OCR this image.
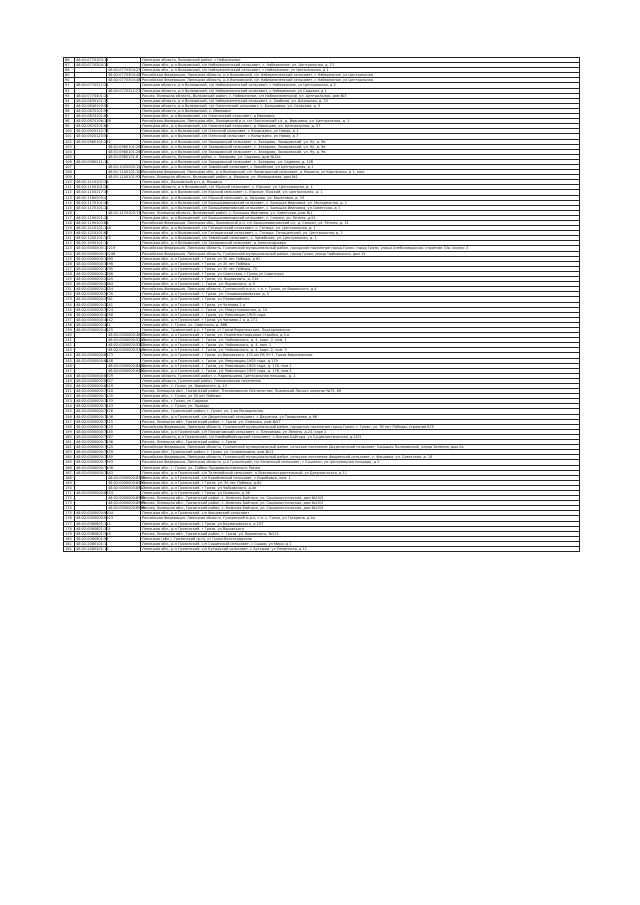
86	48:02:0770103:14		Липецкая область, Волковский район, с Набережное
87	48:02:0770304:15		Липецкая обл., р-н Волковский, с/п Набережненский сельсовет, с. Набережное, ул. Центральная, д. 21
88		48:02:0770304:23	Липецкая обл., р-н Волковский, с/п Набережненский сельсовет, с Набережное, ул Центральная, д 1
89		48:02:0770304:48	Российская Федерация, Липецкая область, р-н Волковский, с/п Набережненский сельсовет, с Набережное, ул Центральная
90		48:02:0770304:48	Российская Федерация, Липецкая область, р-н Волковский, с/п Набережненский сельсовет, с Набережное, ул Центральная
91	48:02:0770312:24		Липецкая область, р-н Волковский, с/п Набережненский сельсовет, с Набережное, ул Центральная, д 2
92		48:02:0770312:27	Липецкая область, р-н Волковский, с/п Набережненский сельсовет, с Набережное, ул Садовая, д 1
93	48:02:0770401:21		Россия, Липецкая область, Волковский район, с. Набережное, с/п Набережненский, ул. Центральная, дом №3
94	48:02:0830101:37		Липецкая область, р-н Волковский, с/п Набережненский сельсовет, с. Злобино, ул. Школьная, д. 25
95	48:02:0840103:51		Липецкая область, р-н Волковский, с/п Ожогинский сельсовет, с. Большовка, ул. Сельская, д. 5
96	48:02:0870101:53		Липецкая область, р-н Волковский, с. Ивановка
97	48:02:0870101:66		Липецкая обл., р-н Волковский, с/п Ожогинский сельсовет, д Ивановка
98	48:02:0870106:126		Российская Федерация, Липецкая обл., Волковский р-н, с/п Ожогинский с/с, д. Ивановка, ул. Центральная, д. 1
99	48:02:0870201:65		Липецкая обл., р-н Волковский, с/п Ожогинский сельсовет, д. Иванцово, ул. Центральная, д. 37
100	48:02:0920112:78		Липецкая обл., р-н Волковский, с/п Олесский сельсовет, с Козынкино, ул Новая, д 1
101	48:02:0920123:51		Липецкая обл., р-н Волковский, с/п Олесский сельсовет, с Козынкино, ул Новая, д 7
102	48:02:0980101:231		Липецкая обл., р-н Волковский, с/п Захаровский сельсовет, с. Захарово, Захаровский, ул. 9у, д. 9в
103		48:01:0980101:265	Липецкая обл., р-н Волковский, с/п Захаровский сельсовет, с. Захарово, Захаровский, ул. 9у, д. 9в
104		48:01:0980101:267	Липецкая обл., р-н Волковский, с/п Захаровский сельсовет, с. Захарово, Захаровский, ул. 9у, д. 9в
105		48:01:0980101:8	Липецкая область, Волковский район, с. Захарово, ул. Садовая, дом №12а
106	48:02:0980211:16		Липецкая обл., р-н Волковский, с/п Захаровский сельсовет, с. Захарово, ул. Садовая, д. 12б
107		48:01:1020205:12	Липецкая обл., р-н Волковский, с/п Замайский сельсовет, с Замайское, ул Центральная, д 1
108		48:01:1100101:101	Российская Федерация, Липецкая обл., р-н Волковский, с/п Ломигорский сельсовет, д Мишино, ул Кирпичная, д 1, пом.
109		48:01:1100101:93	Россия, Липецкая область, Волковский район, д. Мишино, ул. Молодежная, дом №1
110	48:02:1110107:22		Липецкая обл., Волковский р-н, д. Мишино
111	48:02:1150101:24		Липецкая область, р-н Волковский, с/п Юрский сельсовет, с. Юрское, ул. Центральная, д. 1
112	48:02:1150117:49		Липецкая обл., р-н Волковский, с/п Юрский сельсовет, с. Юрское, Юрский, ул. Центральная, д. 1
113	48:02:1160203:4		Липецкая обл., р-н Волковский, с/п Юрский сельсовет, д. Хитрово, ул. Береговая, д. 33
114	48:02:1170101:43		Липецкая обл., р-н Волковский, с/п Большеивановский сельсовет, с. Большая Ивановка, ул. Молодежная, д. 1
115	48:02:1170101:21		Липецкая обл., р-н Волковский, с/п Большеивановский сельсовет, с. Большая Ивановка, ул Советская, д 1
116		48:01:1170103:13	Россия, Липецкая область, Волковский район, с. Большая Ивановка, ул. Советская, дом №1
117	48:02:1190101:21		Липецкая обл., р-н Волковский, с/п Большеивановский сельсовет, с. Сапрон, ул. Речная, д.51
118	48:02:1190103:84		Российская Федерация, Липецкая обл., Волковский р-н, с/п Большеивановский с/с, д. Сапрон, ул. Речная, д. 31
119	48:02:1210101:118		Липецкая обл., р-н Волковский, с/п Гатищенский сельсовет, с. Гатище, ул. Центральная, д. 1
120	48:02:1210101:67		Липецкая обл., р-н Волковский, с/п Гатищенский сельсовет, с. Гатище, Гатищенский, ул. Центральная, д. 1
121	48:02:1250101:175		Липецкая обл., р-н Волковский, с/п Замайский сельсовет, с. Замайское, ул. Центральная, д. 1
122	48:02:1930101:15		Липецкая обл., р-н Волковский, с/п Захаровский сельсовет, д Александровка
123	48:02:0000000:10219		Российская Федерация, Липецкая область, Грязинский муниципальный район, городское поселение город Грязи, город Грязи, улица Хлебозаводская, строение 33а, корпус 3
124	48:02:0000000:10246		Российская Федерация, Липецкая область, Грязинский муниципальный район, город Грязи, улица Чайковского, дом 15
125	48:02:0000000:1385		Липецкая обл., р-н Грязинский, г Грязи, ул 30 лет Победы, д 62
126	48:02:0000000:3296		Липецкая обл., р-н Грязинский, г Грязи, ул 30 лет Победы
127	48:02:0000000:1795		Липецкая обл., р-н Грязинский, г Грязи, ул 30 лет Победы, 75
128	48:02:0000000:1766		Липецкая обл., р-н Грязинский, г Грязи, ул Советская, г Грязи ул Советская
129	48:02:0000000:2645		Липецкая обл., р-н Грязинский, г Грязи, ул. Воровского, д. 21е
130	48:02:0000000:2664		Липецкая обл., р-н Грязинский, г. Грязи, ул. Воровского, д. 5
131	48:02:0000000:2654		Российская Федерация, Липецкая область, Грязинский м.р-н, г.п. г. Грязи, ул Воровского, д.4
132	48:02:0000000:2735		Липецкая обл., р-н Грязинский, г. Грязи, ул. Осоавиахимовская, д. 5
133	48:02:0000000:2781		Липецкая обл., р-н Грязинский, г Грязи, ул Первомайская
134	48:02:0000000:3041		Липецкая обл., р-н Грязинский, г Грязи, ул Челнова 2 я
135	48:02:0000000:3724		Липецкая обл., р-н Грязинский, г. Грязи, ул. Индустриальная, д. 10
136	48:02:0000000:4056		Липецкая обл., р-н Грязинский, г. Грязи, ул. Революции 1905 года
137	48:02:0000000:4342		Липецкая обл., р-н Грязинский, г Грязи, ул Чапаева 2 я, д 271
138	48:02:0000000:441		Липецкая обл., г. Грязи, ул. Советская, д. 68б
139	48:02:0000000:4625		Липецкая обл., Грязинский р-н, г Грязи, ст Грязи-Воронежские, Подгорновская
140		48:02:0000000:4877	Липецкая обл., р-н Грязинский, г Грязи, ул. Осипенко-Народная Стройка, д.5-а
141		48:02:0000000:5293	Липецкая обл., р-н Грязинский, г. Грязи, ул. Чайковского, д. 4, корп. 2, пом. 1
142		48:02:0000000:5311	Липецкая обл., р-н Грязинский, г. Грязи, ул. Чайковского, д. 4, пом. 1
143		48:02:0000000:5320	Липецкая обл., р-н Грязинский, г. Грязи, ул. Чайковского, д. 4, корп. 2, пом. 3
144	48:02:0000000:6273		Липецкая обл., р-н Грязинский, г Грязи, ул Воровского, 470 км ПК 9+7, Грязи-Воронежские
145	48:02:0000000:6448		Липецкая обл., р-н Грязинский, г. Грязи, ул. Революции 1905 года, д.179
146		48:02:0000000:6492	Липецкая обл., р-н Грязинский, г. Грязи, ул. Революции 1905 года, д. 176, пом.1
147		48:02:0000000:6481	Липецкая обл., р-н Грязинский, г. Грязи, ул. Революции 1905 года, д. 176, пом.3
148	48:02:0000000:6729		Липецкая область, Грязинский район, с. Карамышево, Центральная площадь, д. 1
149	48:02:0000000:6857		Липецкая область, Грязинский район, Плехановское поселение
150	48:02:0000000:6929		Липецкая обл., г. Грязи, ул. Воровского, д. 15
151	48:02:0000000:7016		Россия, Липецкая обл., Грязинский район, Плехановское Лесничество, Лозовский Лесхоз, квартал №79, 89
152	48:02:0000000:7125		Липецкая обл., г. Грязи, ул 30 лет Победы
153	48:02:0000000:7133		Липецкая обл., г Грязи, ул Садовая
154	48:02:0000000:7143		Липецкая обл., г. Грязи, ул. Правды
155	48:02:0000000:7226		Липецкая обл., Грязинский район, г. Грязи, ул. 2-ая Молодежная
156	48:02:0000000:7236		Липецкая обл., р-н Грязинский, с/п Двуреченский сельсовет, с Двуречки, ул Тимирязева, д 66
157	48:02:0000000:7315		Россия, Липецкая обл., Грязинский район, г. Грязи, ул. Семашко, дом №57
158	48:02:0000000:7229		Российская Федерация, Липецкая область, Грязинский муниципальный район, городское поселение город Грязи, г. Грязи, ул. 30 лет Победы, строение 675
159	48:02:0000000:7245		Липецкая обл., р-н Грязинский, с/п Плехановский сельсовет, с. Плеханово, ул Ленина, д.24, корп 2
160	48:02:0000000:7267		Липецкая область, р-н Грязинский, с/п Кимбайбайгорский сельсовет, с.Никова Байгора, ул Социалистическая, д.20/3
161	48:02:0000000:7298		Россия, Липецкая обл., Грязинский район, г. Грязи
162	48:02:0000000:7325		Российская Федерация, Липецкая область, Грязинский муниципальный район, сельское поселение Двуреченский сельсовет, Большая Поляновский, улица Зеленая, дом 2а
163	48:02:0000000:7329		Липецкая обл., Грязинский район, г. Грязи, ул. Осоавиахима, дом №11
164	48:02:0000000:7350		Российская Федерация, Липецкая область, Грязинский муниципальный район, сельское поселение Фащевский сельсовет, с. Фащевка, ул. Советская, д. 14
165	48:02:0000000:7393		Российская Федерация, Липецкая область, р-н Грязинский, с/п Казинский сельсовет, с Сошенки, ул Центральная площадь, д 2
166	48:02:0000000:7406		Липецкая обл., г. Грязи, ул. Тойбох Продовольственного Рынка
167	48:02:0000000:7443		Липецкая обл., р-н Грязинский, с/п Телелюйский сельсовет, п Всесоюзостроительный, ул Дзержинского, д 11
168		48:02:0000000:8336	Липецкая обл., р-н Грязинский, с/п Коробовский сельсовет, с Коробовка, пом. 1
169		48:02:0000000:8594	Липецкая обл., р-н Грязинский, г Грязи, ул. 30 лет Победы, д.62
170		48:02:0000000:8617	Липецкая обл., р-н Грязинский, г Грязи, ул Чайковского, д.4е
171	48:02:0000000:8634		Липецкая обл., р-н Грязинский, г Грязи, ул Семашко, д 56
172		48:02:0000000:8962	Россия, Липецкая обл., Грязинский район, с. Кимская Байгора, ул. Социалистическая, дом №20/3
173		48:02:0000000:8963	Россия, Липецкая обл., Грязинский район, с. Кимская Байгора, ул. Социалистическая, дом №20/3
174		48:02:0000000:8968	Россия, Липецкая обл., Грязинский район, с. Кимская Байгора, ул. Социалистическая, дом №20/3
175	48:02:0000000:9204		Липецкая обл., р-н Грязинский, с/п Фащевский сельсовет
176	48:02:0000000:9623		Российская Федерация, Липецкая область, Грязинский м.р-н, с.п. с. Грязи, ул Гагарина, д.4а
177	48:02:0060601:111		Липецкая обл., р-н Грязинский, г Грязи, ул Баумановского, д 257
178	48:02:0060601:301		Липецкая обл., р-н Грязинский, г Грязи, ул Воровского
179	48:02:0060601:315		Россия, Липецкая обл., Грязинский район, г. Грязи, ул. Воровского, №215
180	48:02:0060601:99		Липецкая (обл.), Грязинский (р-н), ст Грязи-Волгоградские
181	48:02:2080101:1		Липецкая обл., р-н Грязинский, с/п Сошинский сельсовет, с Сошки, ул Мира, д 1
182	48:02:2080201:19		Липецкая обл., р-н Грязинский, с/п Бутырский сельсовет, с Бутырки, ул Ленинская, д 11
